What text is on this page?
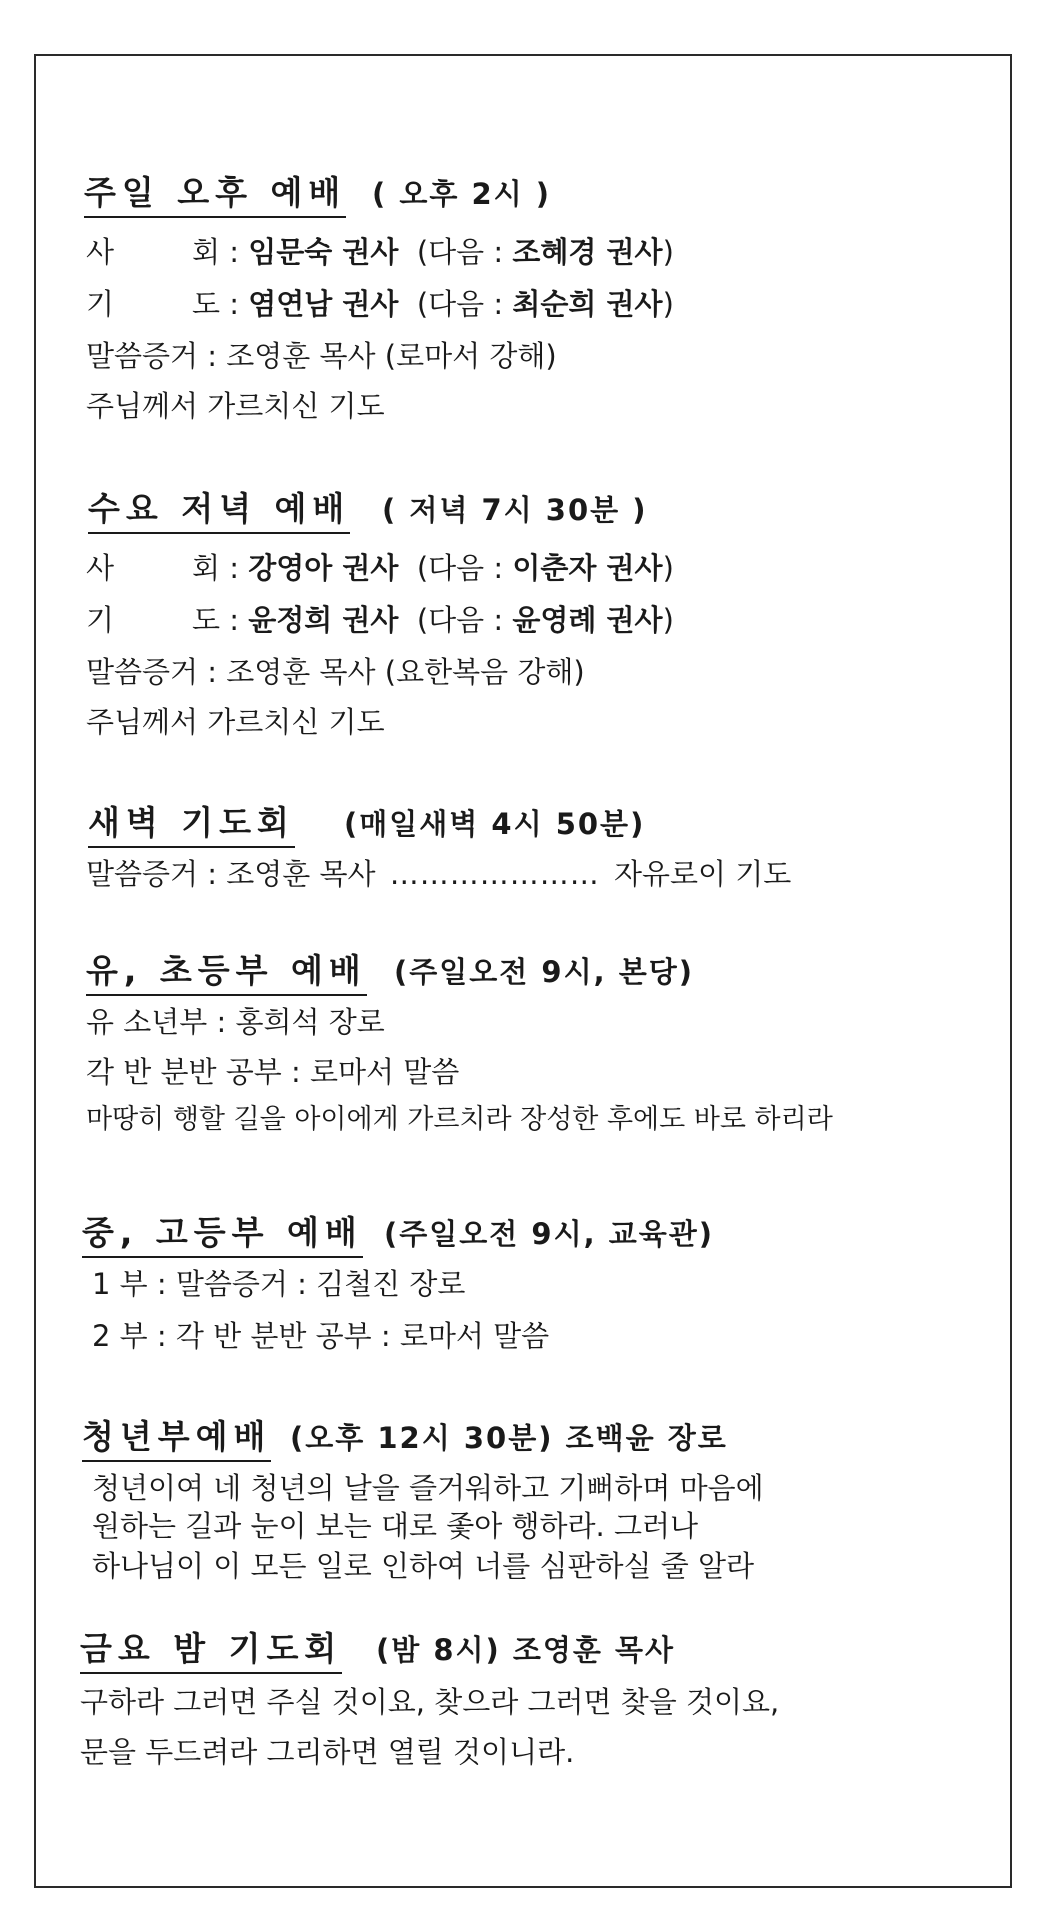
주일 오후 예배 ( 오후 2시 )
사	회 : 임문숙 권사 (다음 : 조혜경 권사)
기	도 : 염연남 권사 (다음 : 최순희 권사)
말씀증거 : 조영훈 목사 (로마서 강해)
주님께서 가르치신 기도
수요 저녁 예배 ( 저녁 7시 30분 )
사	회 : 강영아 권사 (다음 : 이춘자 권사)
기	도 : 윤정희 권사 (다음 : 윤영례 권사)
말씀증거 : 조영훈 목사 (요한복음 강해)
주님께서 가르치신 기도
새벽 기도회 (매일새벽 4시 50분)
말씀증거 : 조영훈 목사 ………………… 자유로이 기도
유, 초등부 예배 (주일오전 9시, 본당)
유 소년부 : 홍희석 장로
각 반 분반 공부 : 로마서 말씀
마땅히 행할 길을 아이에게 가르치라 장성한 후에도 바로 하리라
중, 고등부 예배 (주일오전 9시, 교육관)
1 부 : 말씀증거 : 김철진 장로
2 부 : 각 반 분반 공부 : 로마서 말씀
청년부예배 (오후 12시 30분) 조백윤 장로
청년이여 네 청년의 날을 즐거워하고 기뻐하며 마음에
원하는 길과 눈이 보는 대로 좇아 행하라. 그러나
하나님이 이 모든 일로 인하여 너를 심판하실 줄 알라
금요 밤 기도회 (밤 8시) 조영훈 목사
구하라 그러면 주실 것이요, 찾으라 그러면 찾을 것이요,
문을 두드려라 그리하면 열릴 것이니라.
